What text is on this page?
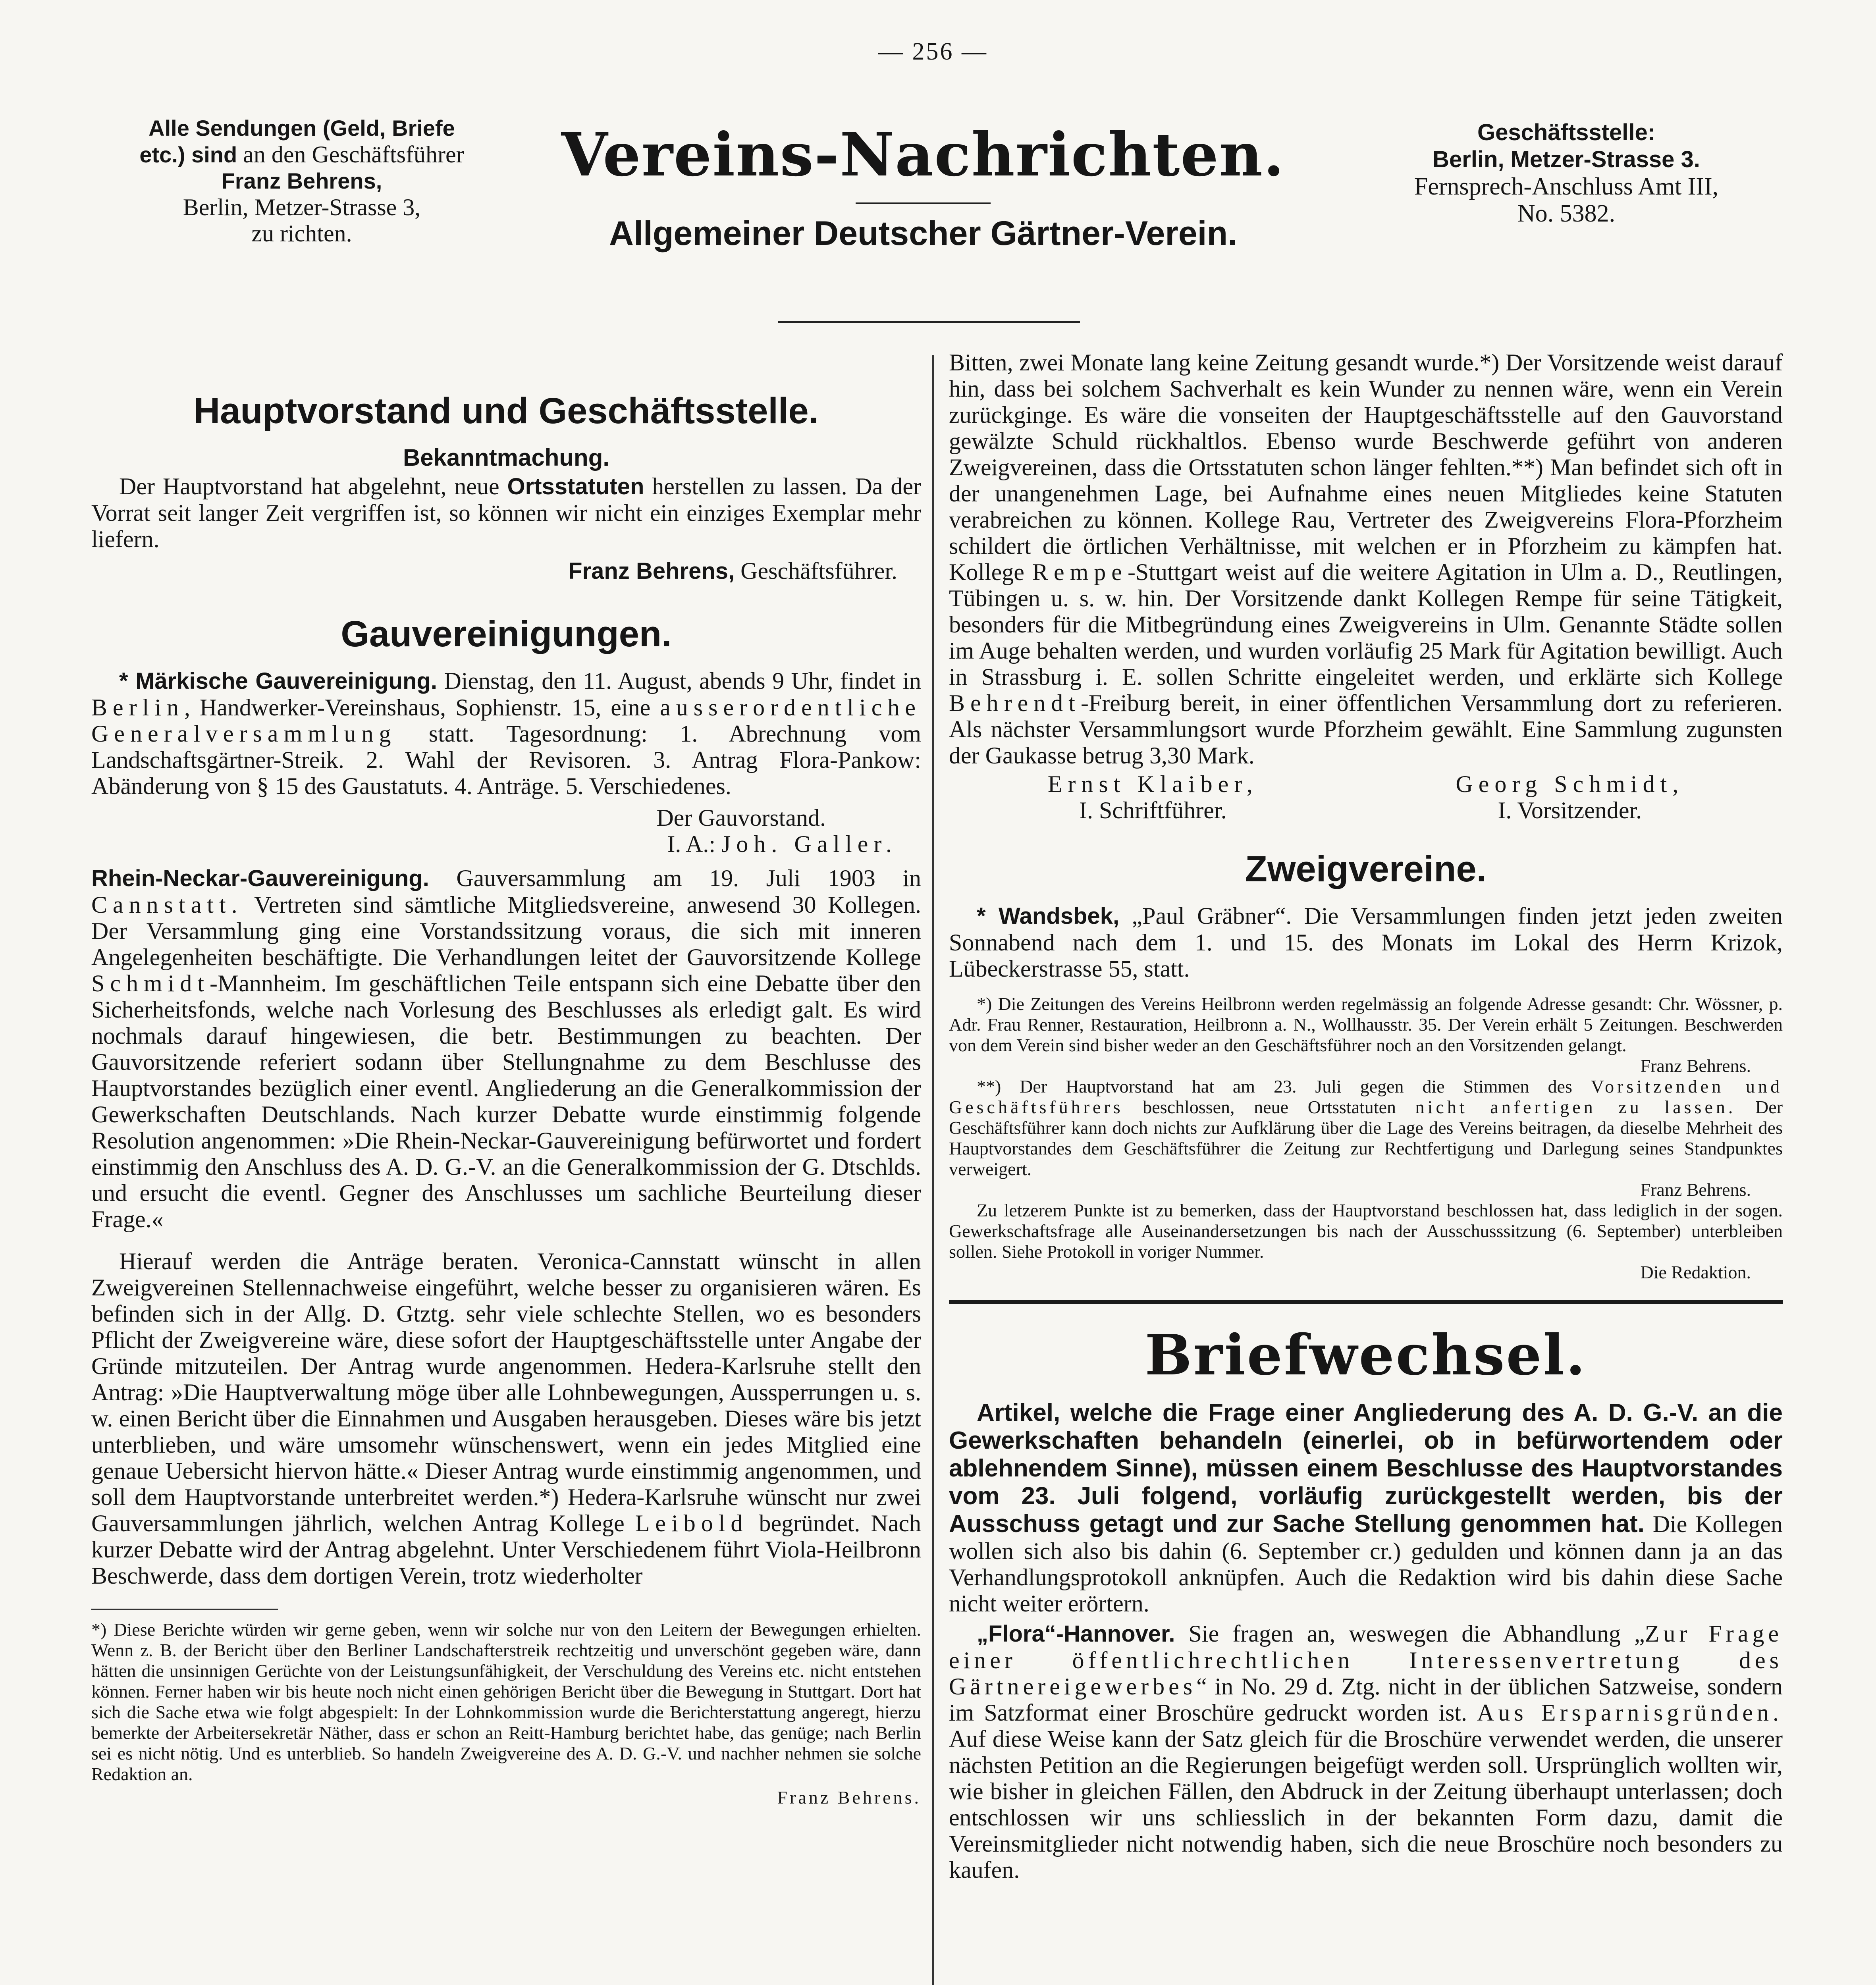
— 256 —
Alle Sendungen (Geld, Briefe
etc.) sind an den Geschäftsführer
Franz Behrens,
Berlin, Metzer-Strasse 3,
zu richten.
Vereins-Nachrichten.
Allgemeiner Deutscher Gärtner-Verein.
Geschäftsstelle:
Berlin, Metzer-Strasse 3.
Fernsprech-Anschluss Amt III,
No. 5382.
Hauptvorstand und Geschäftsstelle.
Bekanntmachung.

Der Hauptvorstand hat abgelehnt, neue Ortsstatuten herstellen zu lassen. Da der Vorrat seit langer Zeit vergriffen ist, so können wir nicht ein einziges Exemplar mehr liefern.

Franz Behrens, Geschäftsführer.

Gauvereinigungen.

* Märkische Gauvereinigung. Dienstag, den 11. August, abends 9 Uhr, findet in Berlin, Handwerker-Vereinshaus, Sophienstr. 15, eine ausserordentliche Generalversammlung statt. Tagesordnung: 1. Abrechnung vom Landschaftsgärtner-Streik. 2. Wahl der Revisoren. 3. Antrag Flora-Pankow: Abänderung von § 15 des Gaustatuts. 4. Anträge. 5. Verschiedenes.

Der Gauvorstand.

I. A.: Joh. Galler.

Rhein-Neckar-Gauvereinigung. Gauversammlung am 19. Juli 1903 in Cannstatt. Vertreten sind sämtliche Mitgliedsvereine, anwesend 30 Kollegen. Der Versammlung ging eine Vorstandssitzung voraus, die sich mit inneren Angelegenheiten beschäftigte. Die Verhandlungen leitet der Gauvorsitzende Kollege Schmidt-Mannheim. Im geschäftlichen Teile entspann sich eine Debatte über den Sicherheitsfonds, welche nach Vorlesung des Beschlusses als erledigt galt. Es wird nochmals darauf hingewiesen, die betr. Bestimmungen zu beachten. Der Gauvorsitzende referiert sodann über Stellungnahme zu dem Beschlusse des Hauptvorstandes bezüglich einer eventl. Angliederung an die Generalkommission der Gewerkschaften Deutschlands. Nach kurzer Debatte wurde einstimmig folgende Resolution angenommen: »Die Rhein-Neckar-Gauvereinigung befürwortet und fordert einstimmig den Anschluss des A. D. G.-V. an die Generalkommission der G. Dtschlds. und ersucht die eventl. Gegner des Anschlusses um sachliche Beurteilung dieser Frage.«

Hierauf werden die Anträge beraten. Veronica-Cannstatt wünscht in allen Zweigvereinen Stellennachweise eingeführt, welche besser zu organisieren wären. Es befinden sich in der Allg. D. Gtztg. sehr viele schlechte Stellen, wo es besonders Pflicht der Zweigvereine wäre, diese sofort der Hauptgeschäftsstelle unter Angabe der Gründe mitzuteilen. Der Antrag wurde angenommen. Hedera-Karlsruhe stellt den Antrag: »Die Hauptverwaltung möge über alle Lohnbewegungen, Aussperrungen u. s. w. einen Bericht über die Einnahmen und Ausgaben herausgeben. Dieses wäre bis jetzt unterblieben, und wäre umsomehr wünschenswert, wenn ein jedes Mitglied eine genaue Uebersicht hiervon hätte.« Dieser Antrag wurde einstimmig angenommen, und soll dem Hauptvorstande unterbreitet werden.*) Hedera-Karlsruhe wünscht nur zwei Gauversammlungen jährlich, welchen Antrag Kollege Leibold begründet. Nach kurzer Debatte wird der Antrag abgelehnt. Unter Verschiedenem führt Viola-Heilbronn Beschwerde, dass dem dortigen Verein, trotz wiederholter

*) Diese Berichte würden wir gerne geben, wenn wir solche nur von den Leitern der Bewegungen erhielten. Wenn z. B. der Bericht über den Berliner Landschafterstreik rechtzeitig und unverschönt gegeben wäre, dann hätten die unsinnigen Gerüchte von der Leistungsunfähigkeit, der Verschuldung des Vereins etc. nicht entstehen können. Ferner haben wir bis heute noch nicht einen gehörigen Bericht über die Bewegung in Stuttgart. Dort hat sich die Sache etwa wie folgt abgespielt: In der Lohnkommission wurde die Berichterstattung angeregt, hierzu bemerkte der Arbeitersekretär Näther, dass er schon an Reitt-Hamburg berichtet habe, das genüge; nach Berlin sei es nicht nötig. Und es unterblieb. So handeln Zweigvereine des A. D. G.-V. und nachher nehmen sie solche Redaktion an.

Franz Behrens.

Bitten, zwei Monate lang keine Zeitung gesandt wurde.*) Der Vorsitzende weist darauf hin, dass bei solchem Sachverhalt es kein Wunder zu nennen wäre, wenn ein Verein zurückginge. Es wäre die vonseiten der Hauptgeschäftsstelle auf den Gauvorstand gewälzte Schuld rückhaltlos. Ebenso wurde Beschwerde geführt von anderen Zweigvereinen, dass die Ortsstatuten schon länger fehlten.**) Man befindet sich oft in der unangenehmen Lage, bei Aufnahme eines neuen Mitgliedes keine Statuten verabreichen zu können. Kollege Rau, Vertreter des Zweigvereins Flora-Pforzheim schildert die örtlichen Verhältnisse, mit welchen er in Pforzheim zu kämpfen hat. Kollege Rempe-Stuttgart weist auf die weitere Agitation in Ulm a. D., Reutlingen, Tübingen u. s. w. hin. Der Vorsitzende dankt Kollegen Rempe für seine Tätigkeit, besonders für die Mitbegründung eines Zweigvereins in Ulm. Genannte Städte sollen im Auge behalten werden, und wurden vorläufig 25 Mark für Agitation bewilligt. Auch in Strassburg i. E. sollen Schritte eingeleitet werden, und erklärte sich Kollege Behrendt-Freiburg bereit, in einer öffentlichen Versammlung dort zu referieren. Als nächster Versammlungsort wurde Pforzheim gewählt. Eine Sammlung zugunsten der Gaukasse betrug 3,30 Mark.

Ernst Klaiber,
I. Schriftführer.
Georg Schmidt,
I. Vorsitzender.
Zweigvereine.

* Wandsbek, „Paul Gräbner“. Die Versammlungen finden jetzt jeden zweiten Sonnabend nach dem 1. und 15. des Monats im Lokal des Herrn Krizok, Lübeckerstrasse 55, statt.

*) Die Zeitungen des Vereins Heilbronn werden regelmässig an folgende Adresse gesandt: Chr. Wössner, p. Adr. Frau Renner, Restauration, Heilbronn a. N., Wollhausstr. 35. Der Verein erhält 5 Zeitungen. Beschwerden von dem Verein sind bisher weder an den Geschäftsführer noch an den Vorsitzenden gelangt.

Franz Behrens.

**) Der Hauptvorstand hat am 23. Juli gegen die Stimmen des Vorsitzenden und Geschäftsführers beschlossen, neue Ortsstatuten nicht anfertigen zu lassen. Der Geschäftsführer kann doch nichts zur Aufklärung über die Lage des Vereins beitragen, da dieselbe Mehrheit des Hauptvorstandes dem Geschäftsführer die Zeitung zur Rechtfertigung und Darlegung seines Standpunktes verweigert.

Franz Behrens.

Zu letzerem Punkte ist zu bemerken, dass der Hauptvorstand beschlossen hat, dass lediglich in der sogen. Gewerkschaftsfrage alle Auseinandersetzungen bis nach der Ausschusssitzung (6. September) unterbleiben sollen. Siehe Protokoll in voriger Nummer.

Die Redaktion.

Briefwechsel.

Artikel, welche die Frage einer Angliederung des A. D. G.-V. an die Gewerkschaften behandeln (einerlei, ob in befürwortendem oder ablehnendem Sinne), müssen einem Beschlusse des Hauptvorstandes vom 23. Juli folgend, vorläufig zurückgestellt werden, bis der Ausschuss getagt und zur Sache Stellung genommen hat. Die Kollegen wollen sich also bis dahin (6. September cr.) gedulden und können dann ja an das Verhandlungsprotokoll anknüpfen. Auch die Redaktion wird bis dahin diese Sache nicht weiter erörtern.

„Flora“-Hannover. Sie fragen an, weswegen die Abhandlung „Zur Frage einer öffentlichrechtlichen Interessenvertretung des Gärtnereigewerbes“ in No. 29 d. Ztg. nicht in der üblichen Satzweise, sondern im Satzformat einer Broschüre gedruckt worden ist. Aus Ersparnisgründen. Auf diese Weise kann der Satz gleich für die Broschüre verwendet werden, die unserer nächsten Petition an die Regierungen beigefügt werden soll. Ursprünglich wollten wir, wie bisher in gleichen Fällen, den Abdruck in der Zeitung überhaupt unterlassen; doch entschlossen wir uns schliesslich in der bekannten Form dazu, damit die Vereinsmitglieder nicht notwendig haben, sich die neue Broschüre noch besonders zu kaufen.
